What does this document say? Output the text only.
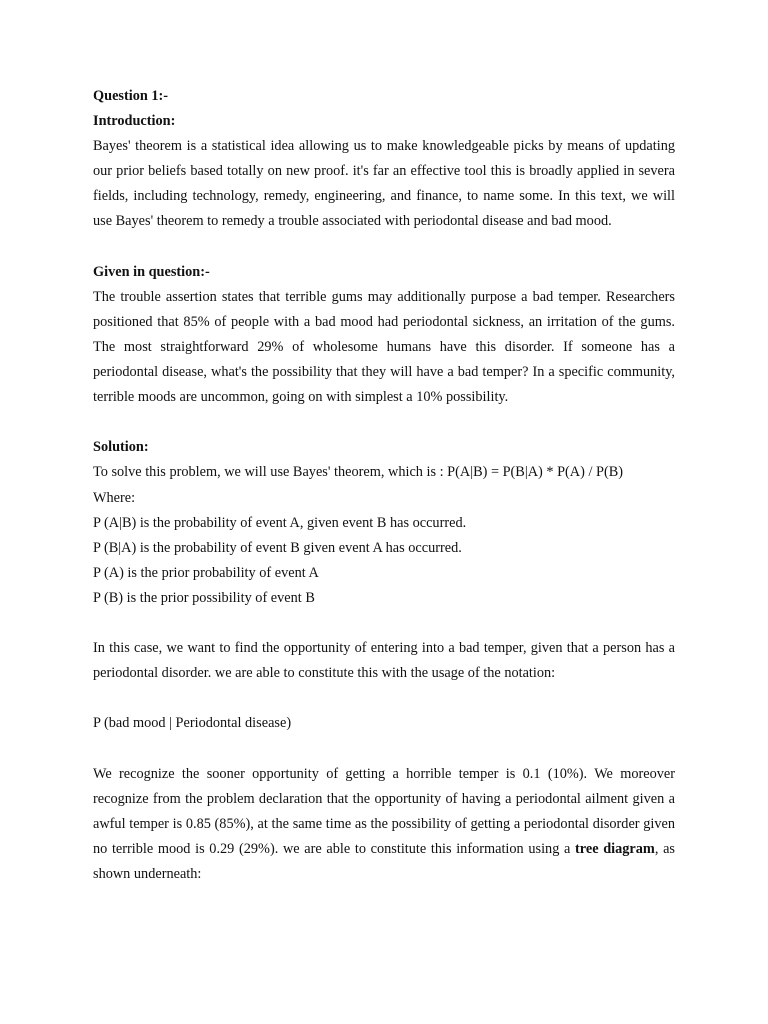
Question 1:-
Introduction:

Bayes' theorem is a statistical idea allowing us to make knowledgeable picks by means of updating our prior beliefs based totally on new proof. it's far an effective tool this is broadly applied in severa fields, including technology, remedy, engineering, and finance, to name some. In this text, we will use Bayes' theorem to remedy a trouble associated with periodontal disease and bad mood.

Given in question:-

The trouble assertion states that terrible gums may additionally purpose a bad temper. Researchers positioned that 85% of people with a bad mood had periodontal sickness, an irritation of the gums. The most straightforward 29% of wholesome humans have this disorder. If someone has a periodontal disease, what's the possibility that they will have a bad temper? In a specific community, terrible moods are uncommon, going on with simplest a 10% possibility.

Solution:
To solve this problem, we will use Bayes' theorem, which is : P(A|B) = P(B|A) * P(A) / P(B)
Where:
P (A|B) is the probability of event A, given event B has occurred.
P (B|A) is the probability of event B given event A has occurred.
P (A) is the prior probability of event A
P (B) is the prior possibility of event B

In this case, we want to find the opportunity of entering into a bad temper, given that a person has a periodontal disorder. we are able to constitute this with the usage of the notation:

P (bad mood | Periodontal disease)

We recognize the sooner opportunity of getting a horrible temper is 0.1 (10%). We moreover recognize from the problem declaration that the opportunity of having a periodontal ailment given a awful temper is 0.85 (85%), at the same time as the possibility of getting a periodontal disorder given no terrible mood is 0.29 (29%). we are able to constitute this information using a tree diagram, as shown underneath:
